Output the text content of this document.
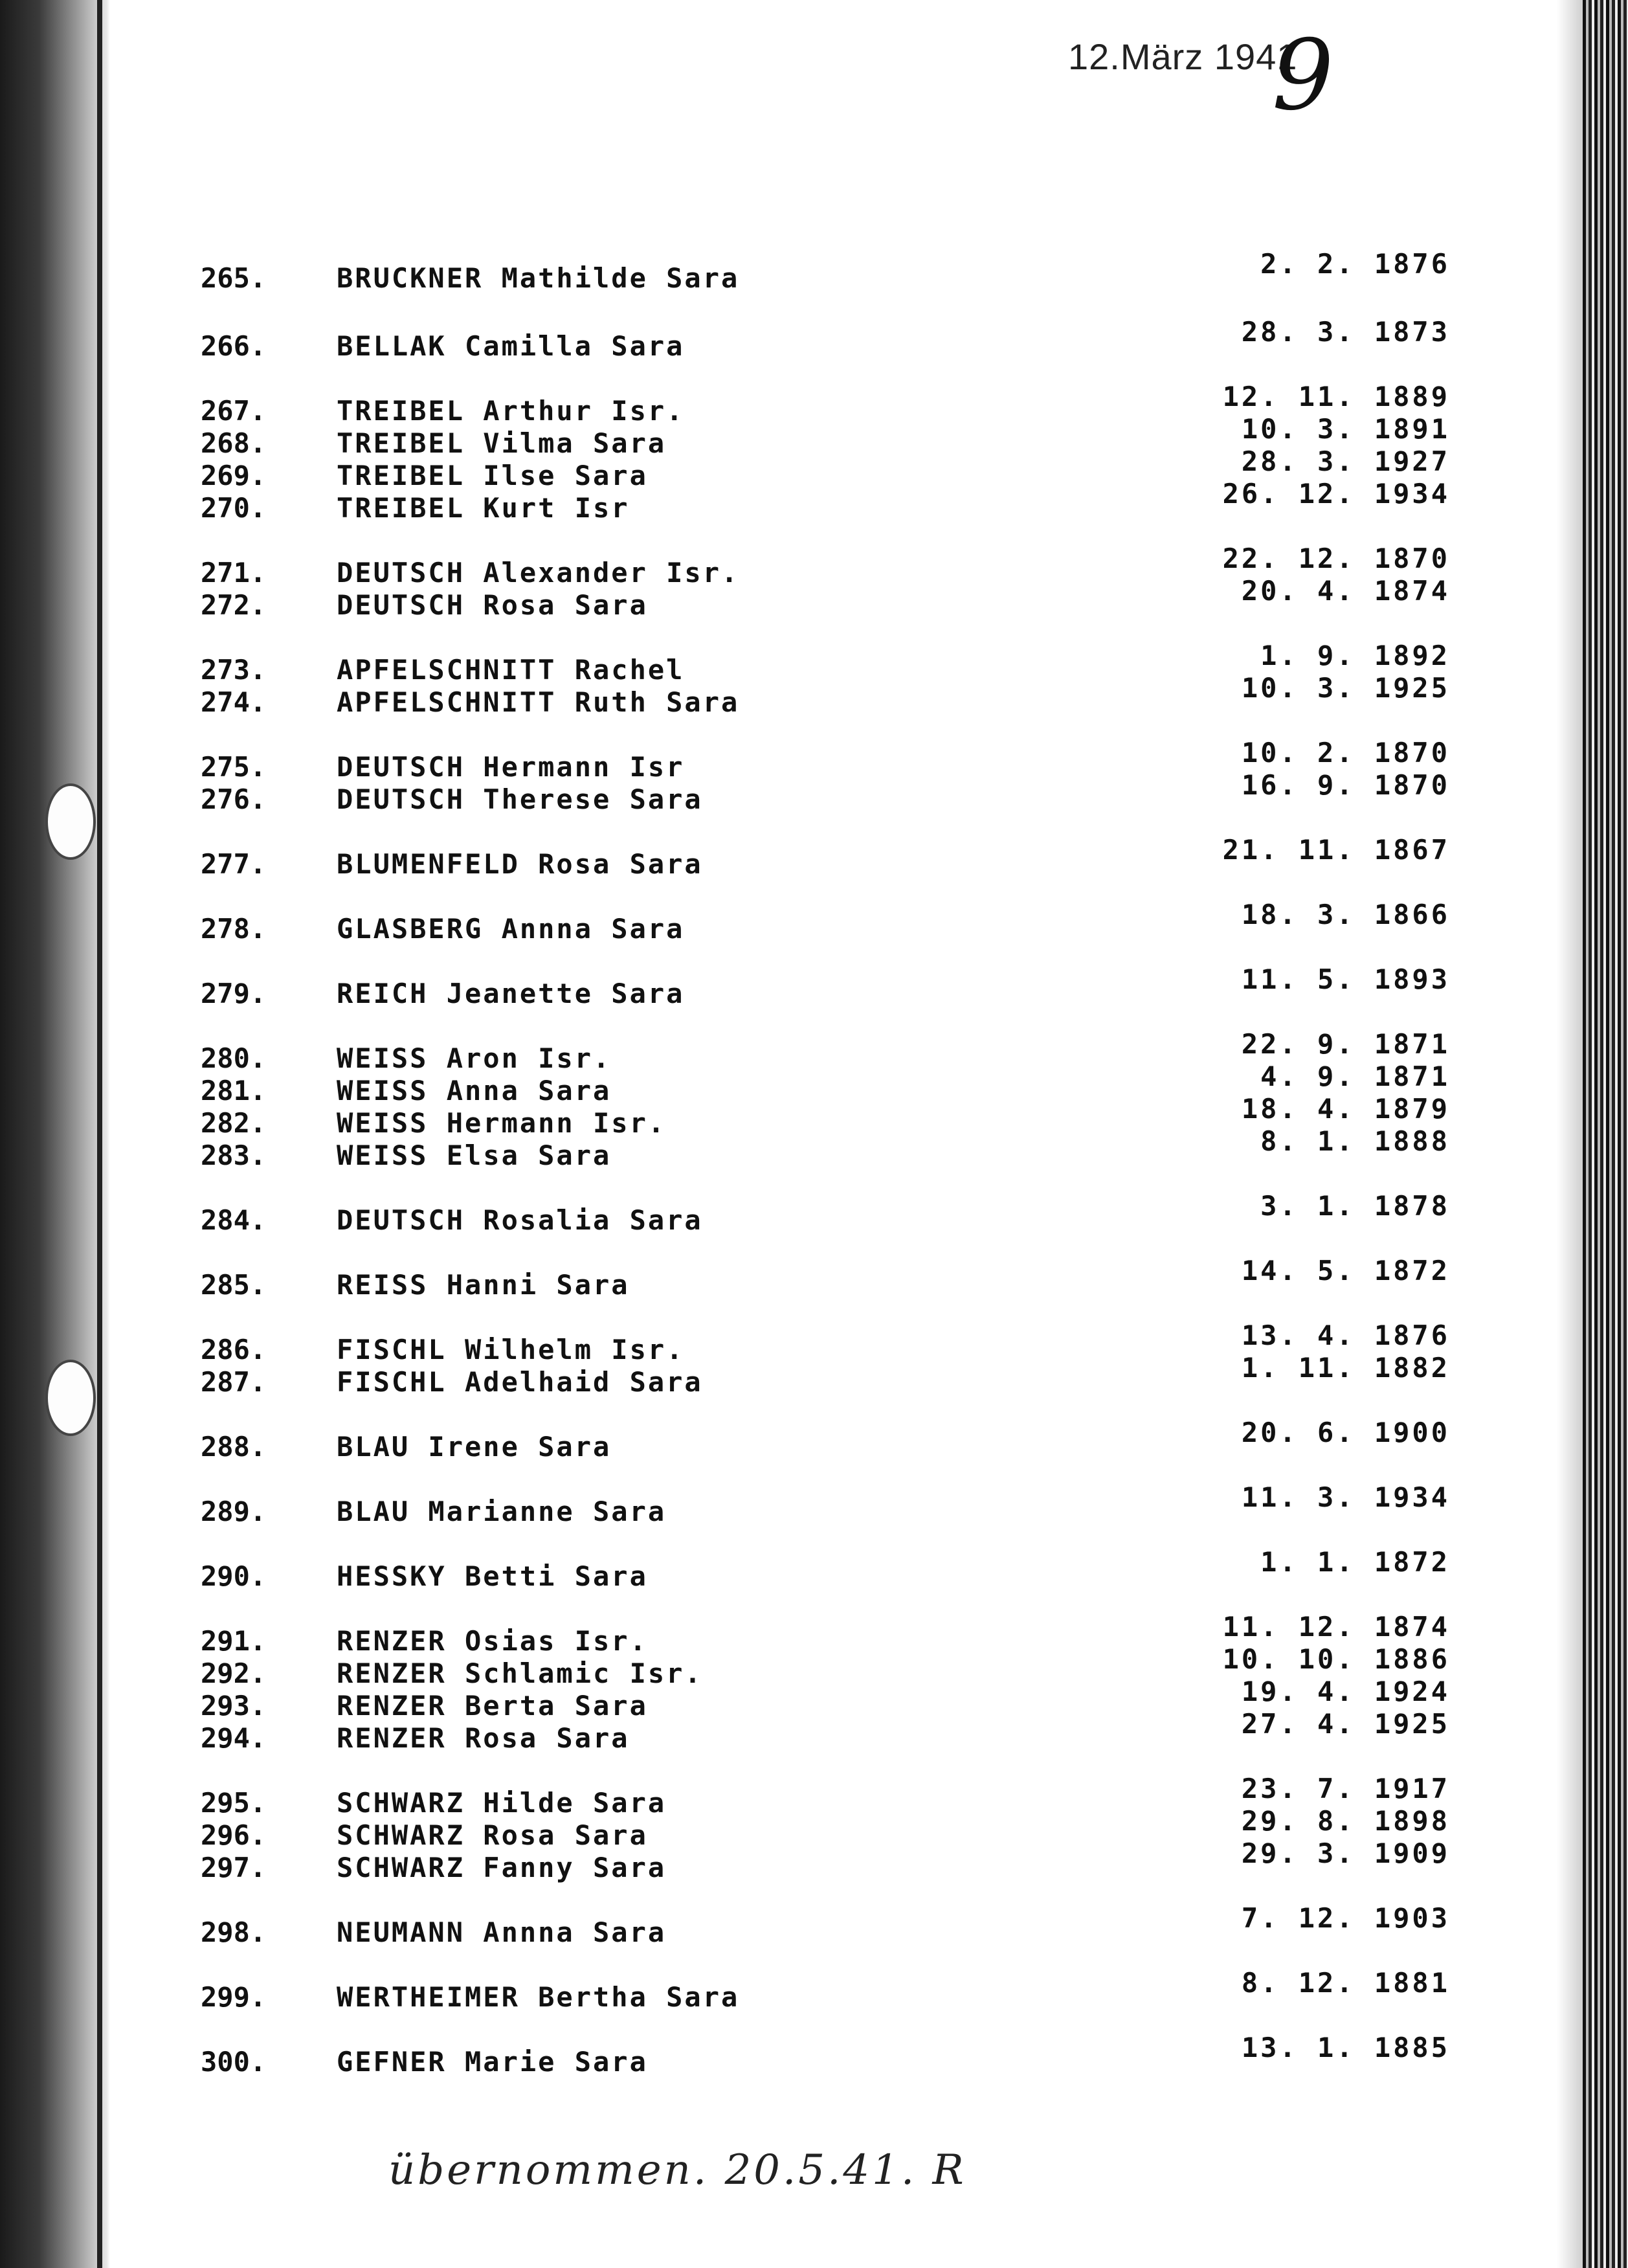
12.März 1941
9
265.	BRUCKNER Mathilde Sara	2. 2. 1876
266.	BELLAK Camilla Sara	28. 3. 1873
267.	TREIBEL Arthur Isr.	12. 11. 1889
268.	TREIBEL Vilma Sara	10. 3. 1891
269.	TREIBEL Ilse Sara	28. 3. 1927
270.	TREIBEL Kurt Isr	26. 12. 1934
271.	DEUTSCH Alexander Isr.	22. 12. 1870
272.	DEUTSCH Rosa Sara	20. 4. 1874
273.	APFELSCHNITT Rachel	1. 9. 1892
274.	APFELSCHNITT Ruth Sara	10. 3. 1925
275.	DEUTSCH Hermann Isr	10. 2. 1870
276.	DEUTSCH Therese Sara	16. 9. 1870
277.	BLUMENFELD Rosa Sara	21. 11. 1867
278.	GLASBERG Annna Sara	18. 3. 1866
279.	REICH Jeanette Sara	11. 5. 1893
280.	WEISS Aron Isr.	22. 9. 1871
281.	WEISS Anna Sara	4. 9. 1871
282.	WEISS Hermann Isr.	18. 4. 1879
283.	WEISS Elsa Sara	8. 1. 1888
284.	DEUTSCH Rosalia Sara	3. 1. 1878
285.	REISS Hanni Sara	14. 5. 1872
286.	FISCHL Wilhelm Isr.	13. 4. 1876
287.	FISCHL Adelhaid Sara	1. 11. 1882
288.	BLAU Irene Sara	20. 6. 1900
289.	BLAU Marianne Sara	11. 3. 1934
290.	HESSKY Betti Sara	1. 1. 1872
291.	RENZER Osias Isr.	11. 12. 1874
292.	RENZER Schlamic Isr.	10. 10. 1886
293.	RENZER Berta Sara	19. 4. 1924
294.	RENZER Rosa Sara	27. 4. 1925
295.	SCHWARZ Hilde Sara	23. 7. 1917
296.	SCHWARZ Rosa Sara	29. 8. 1898
297.	SCHWARZ Fanny Sara	29. 3. 1909
298.	NEUMANN Annna Sara	7. 12. 1903
299.	WERTHEIMER Bertha Sara	8. 12. 1881
300.	GEFNER Marie Sara	13. 1. 1885
übernommen. 20.5.41. R
